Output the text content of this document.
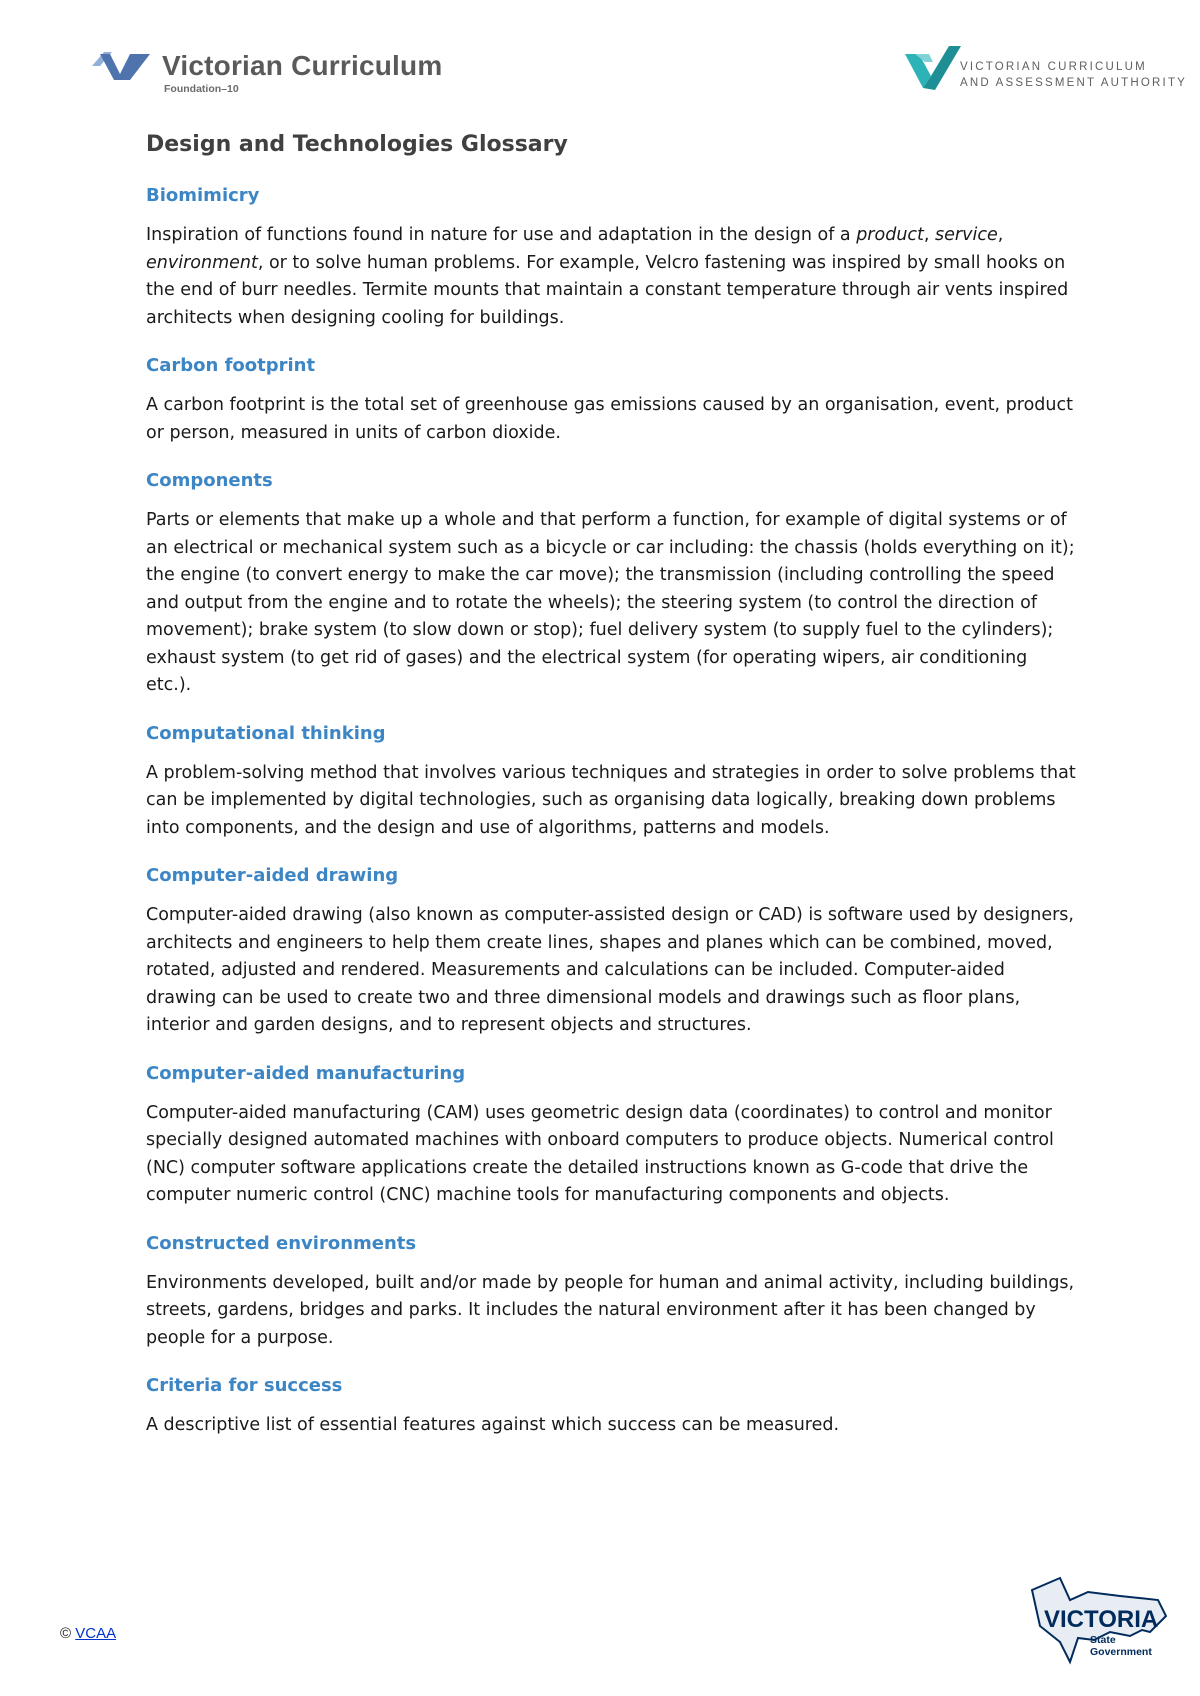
Victorian Curriculum
Foundation–10
VICTORIAN CURRICULUM
AND ASSESSMENT AUTHORITY
Design and Technologies Glossary
Biomimicry

Inspiration of functions found in nature for use and adaptation in the design of a product, service, environment, or to solve human problems. For example, Velcro fastening was inspired by small hooks on the end of burr needles. Termite mounts that maintain a constant temperature through air vents inspired architects when designing cooling for buildings.

Carbon footprint

A carbon footprint is the total set of greenhouse gas emissions caused by an organisation, event, product or person, measured in units of carbon dioxide.

Components

Parts or elements that make up a whole and that perform a function, for example of digital systems or of an electrical or mechanical system such as a bicycle or car including: the chassis (holds everything on it); the engine (to convert energy to make the car move); the transmission (including controlling the speed and output from the engine and to rotate the wheels); the steering system (to control the direction of movement); brake system (to slow down or stop); fuel delivery system (to supply fuel to the cylinders); exhaust system (to get rid of gases) and the electrical system (for operating wipers, air conditioning etc.).

Computational thinking

A problem-solving method that involves various techniques and strategies in order to solve problems that can be implemented by digital technologies, such as organising data logically, breaking down problems into components, and the design and use of algorithms, patterns and models.

Computer-aided drawing

Computer-aided drawing (also known as computer-assisted design or CAD) is software used by designers, architects and engineers to help them create lines, shapes and planes which can be combined, moved, rotated, adjusted and rendered. Measurements and calculations can be included. Computer-aided drawing can be used to create two and three dimensional models and drawings such as floor plans, interior and garden designs, and to represent objects and structures.

Computer-aided manufacturing

Computer-aided manufacturing (CAM) uses geometric design data (coordinates) to control and monitor specially designed automated machines with onboard computers to produce objects. Numerical control (NC) computer software applications create the detailed instructions known as G-code that drive the computer numeric control (CNC) machine tools for manufacturing components and objects.

Constructed environments

Environments developed, built and/or made by people for human and animal activity, including buildings, streets, gardens, bridges and parks. It includes the natural environment after it has been changed by people for a purpose.

Criteria for success

A descriptive list of essential features against which success can be measured.

© VCAA
VICTORIA
State
Government
